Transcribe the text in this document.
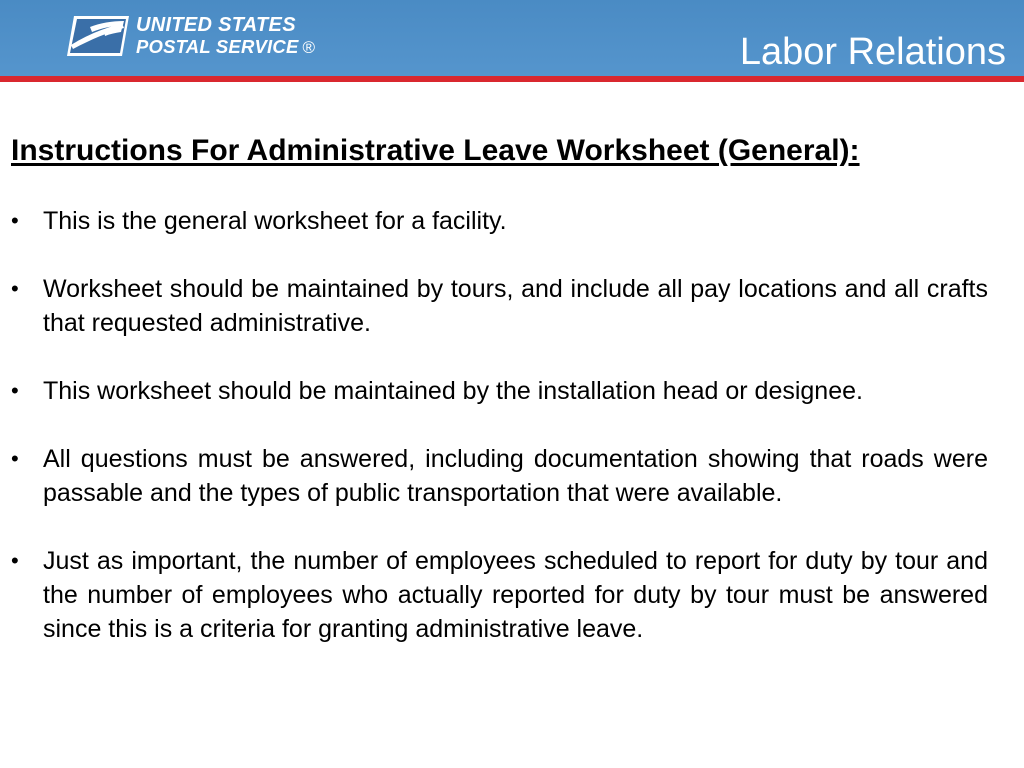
UNITED STATES
POSTAL SERVICE ®	Labor Relations
Instructions For Administrative Leave Worksheet (General):
• This is the general worksheet for a facility.
• Worksheet should be maintained by tours, and include all pay locations and all crafts that requested administrative.
• This worksheet should be maintained by the installation head or designee.
• All questions must be answered, including documentation showing that roads were passable and the types of public transportation that were available.
• Just as important, the number of employees scheduled to report for duty by tour and the number of employees who actually reported for duty by tour must be answered since this is a criteria for granting administrative leave.
